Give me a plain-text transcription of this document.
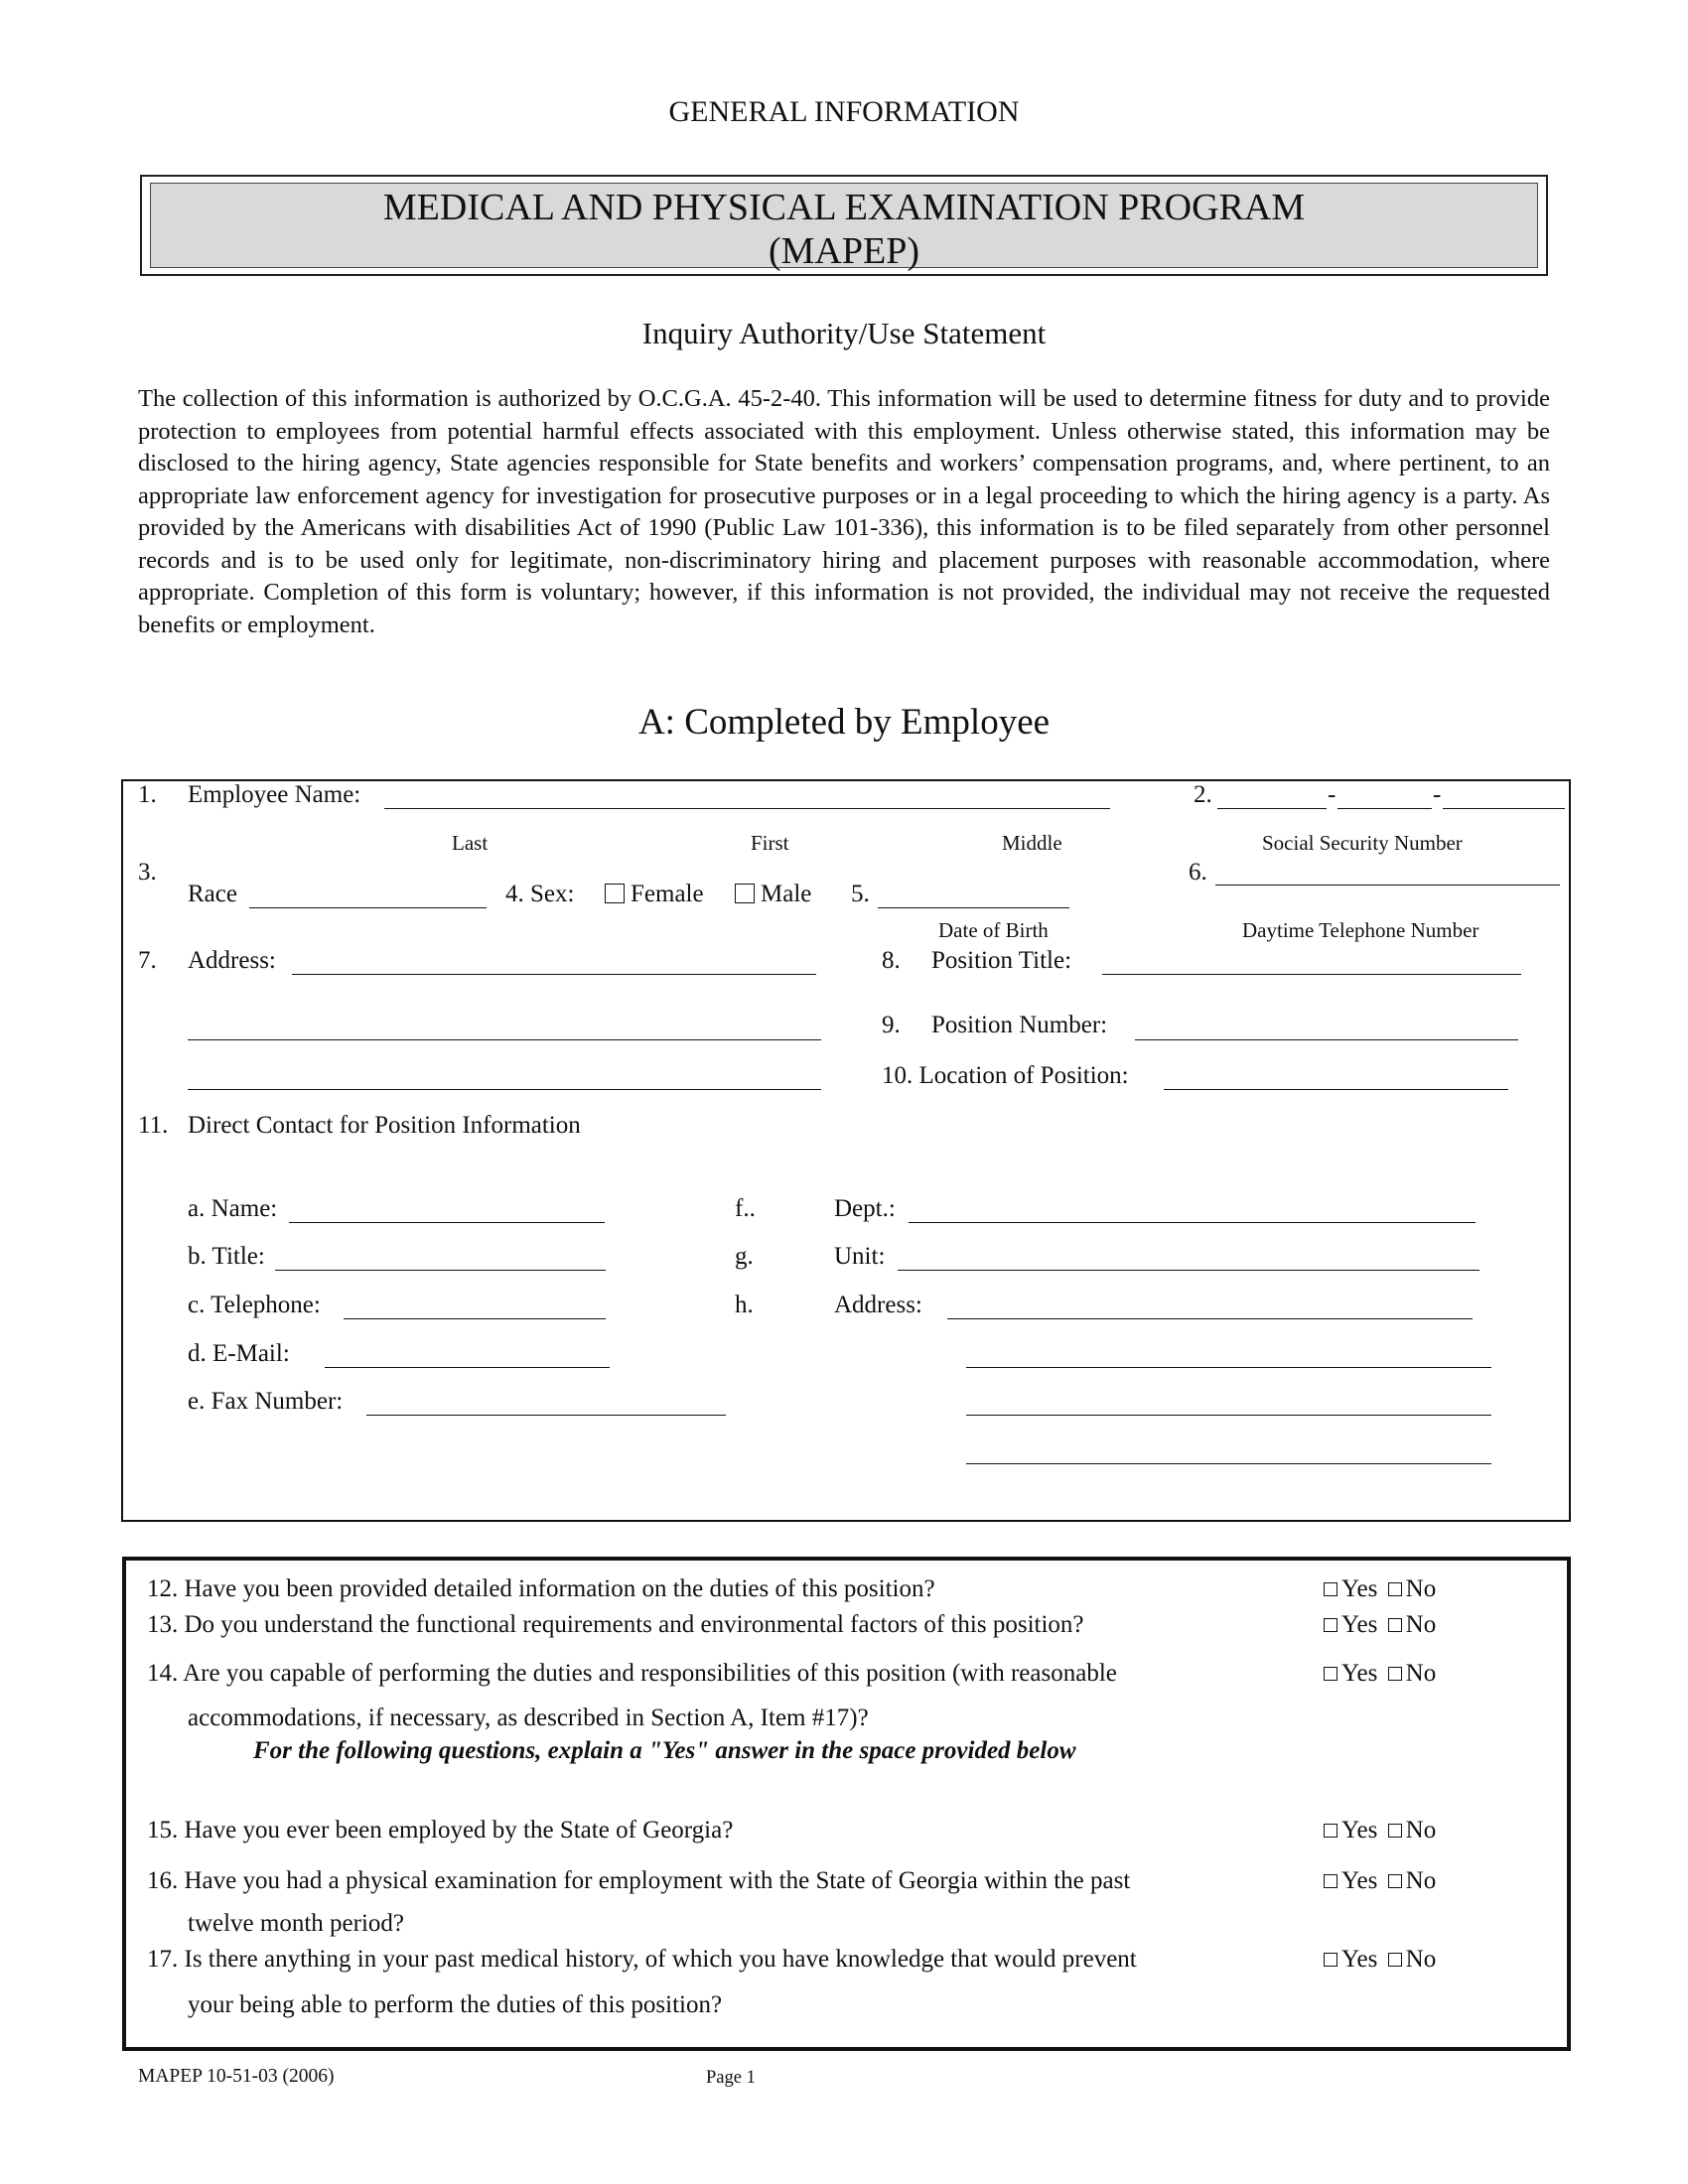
GENERAL INFORMATION
MEDICAL AND PHYSICAL EXAMINATION PROGRAM
(MAPEP)
Inquiry Authority/Use Statement
The collection of this information is authorized by O.C.G.A. 45-2-40. This information will be used to determine fitness for duty and to provide protection to employees from potential harmful effects associated with this employment. Unless otherwise stated, this information may be disclosed to the hiring agency, State agencies responsible for State benefits and workers’ compensation programs, and, where pertinent, to an appropriate law enforcement agency for investigation for prosecutive purposes or in a legal proceeding to which the hiring agency is a party. As provided by the Americans with disabilities Act of 1990 (Public Law 101-336), this information is to be filed separately from other personnel records and is to be used only for legitimate, non-discriminatory hiring and placement purposes with reasonable accommodation, where appropriate. Completion of this form is voluntary; however, if this information is not provided, the individual may not receive the requested benefits or employment.
A: Completed by Employee
1. Employee Name:	2.	-	-
Last	First	Middle	Social Security Number
3.
Race	4. Sex:	Female	Male 5.
6.
Date of Birth	Daytime Telephone Number
7. Address:	8. Position Title:
9. Position Number:
10. Location of Position:
11. Direct Contact for Position Information
a. Name:
b. Title:
c. Telephone:
d. E-Mail:
e. Fax Number:
f..	Dept.:
g.	Unit:
h.	Address:
12. Have you been provided detailed information on the duties of this position?	Yes No
13. Do you understand the functional requirements and environmental factors of this position?	Yes No
14. Are you capable of performing the duties and responsibilities of this position (with reasonable
accommodations, if necessary, as described in Section A, Item #17)?
Yes No
For the following questions, explain a "Yes" answer in the space provided below
15. Have you ever been employed by the State of Georgia?	Yes No
16. Have you had a physical examination for employment with the State of Georgia within the past
twelve month period?
Yes No
17. Is there anything in your past medical history, of which you have knowledge that would prevent
your being able to perform the duties of this position?
Yes No
MAPEP 10-51-03 (2006)	Page 1
